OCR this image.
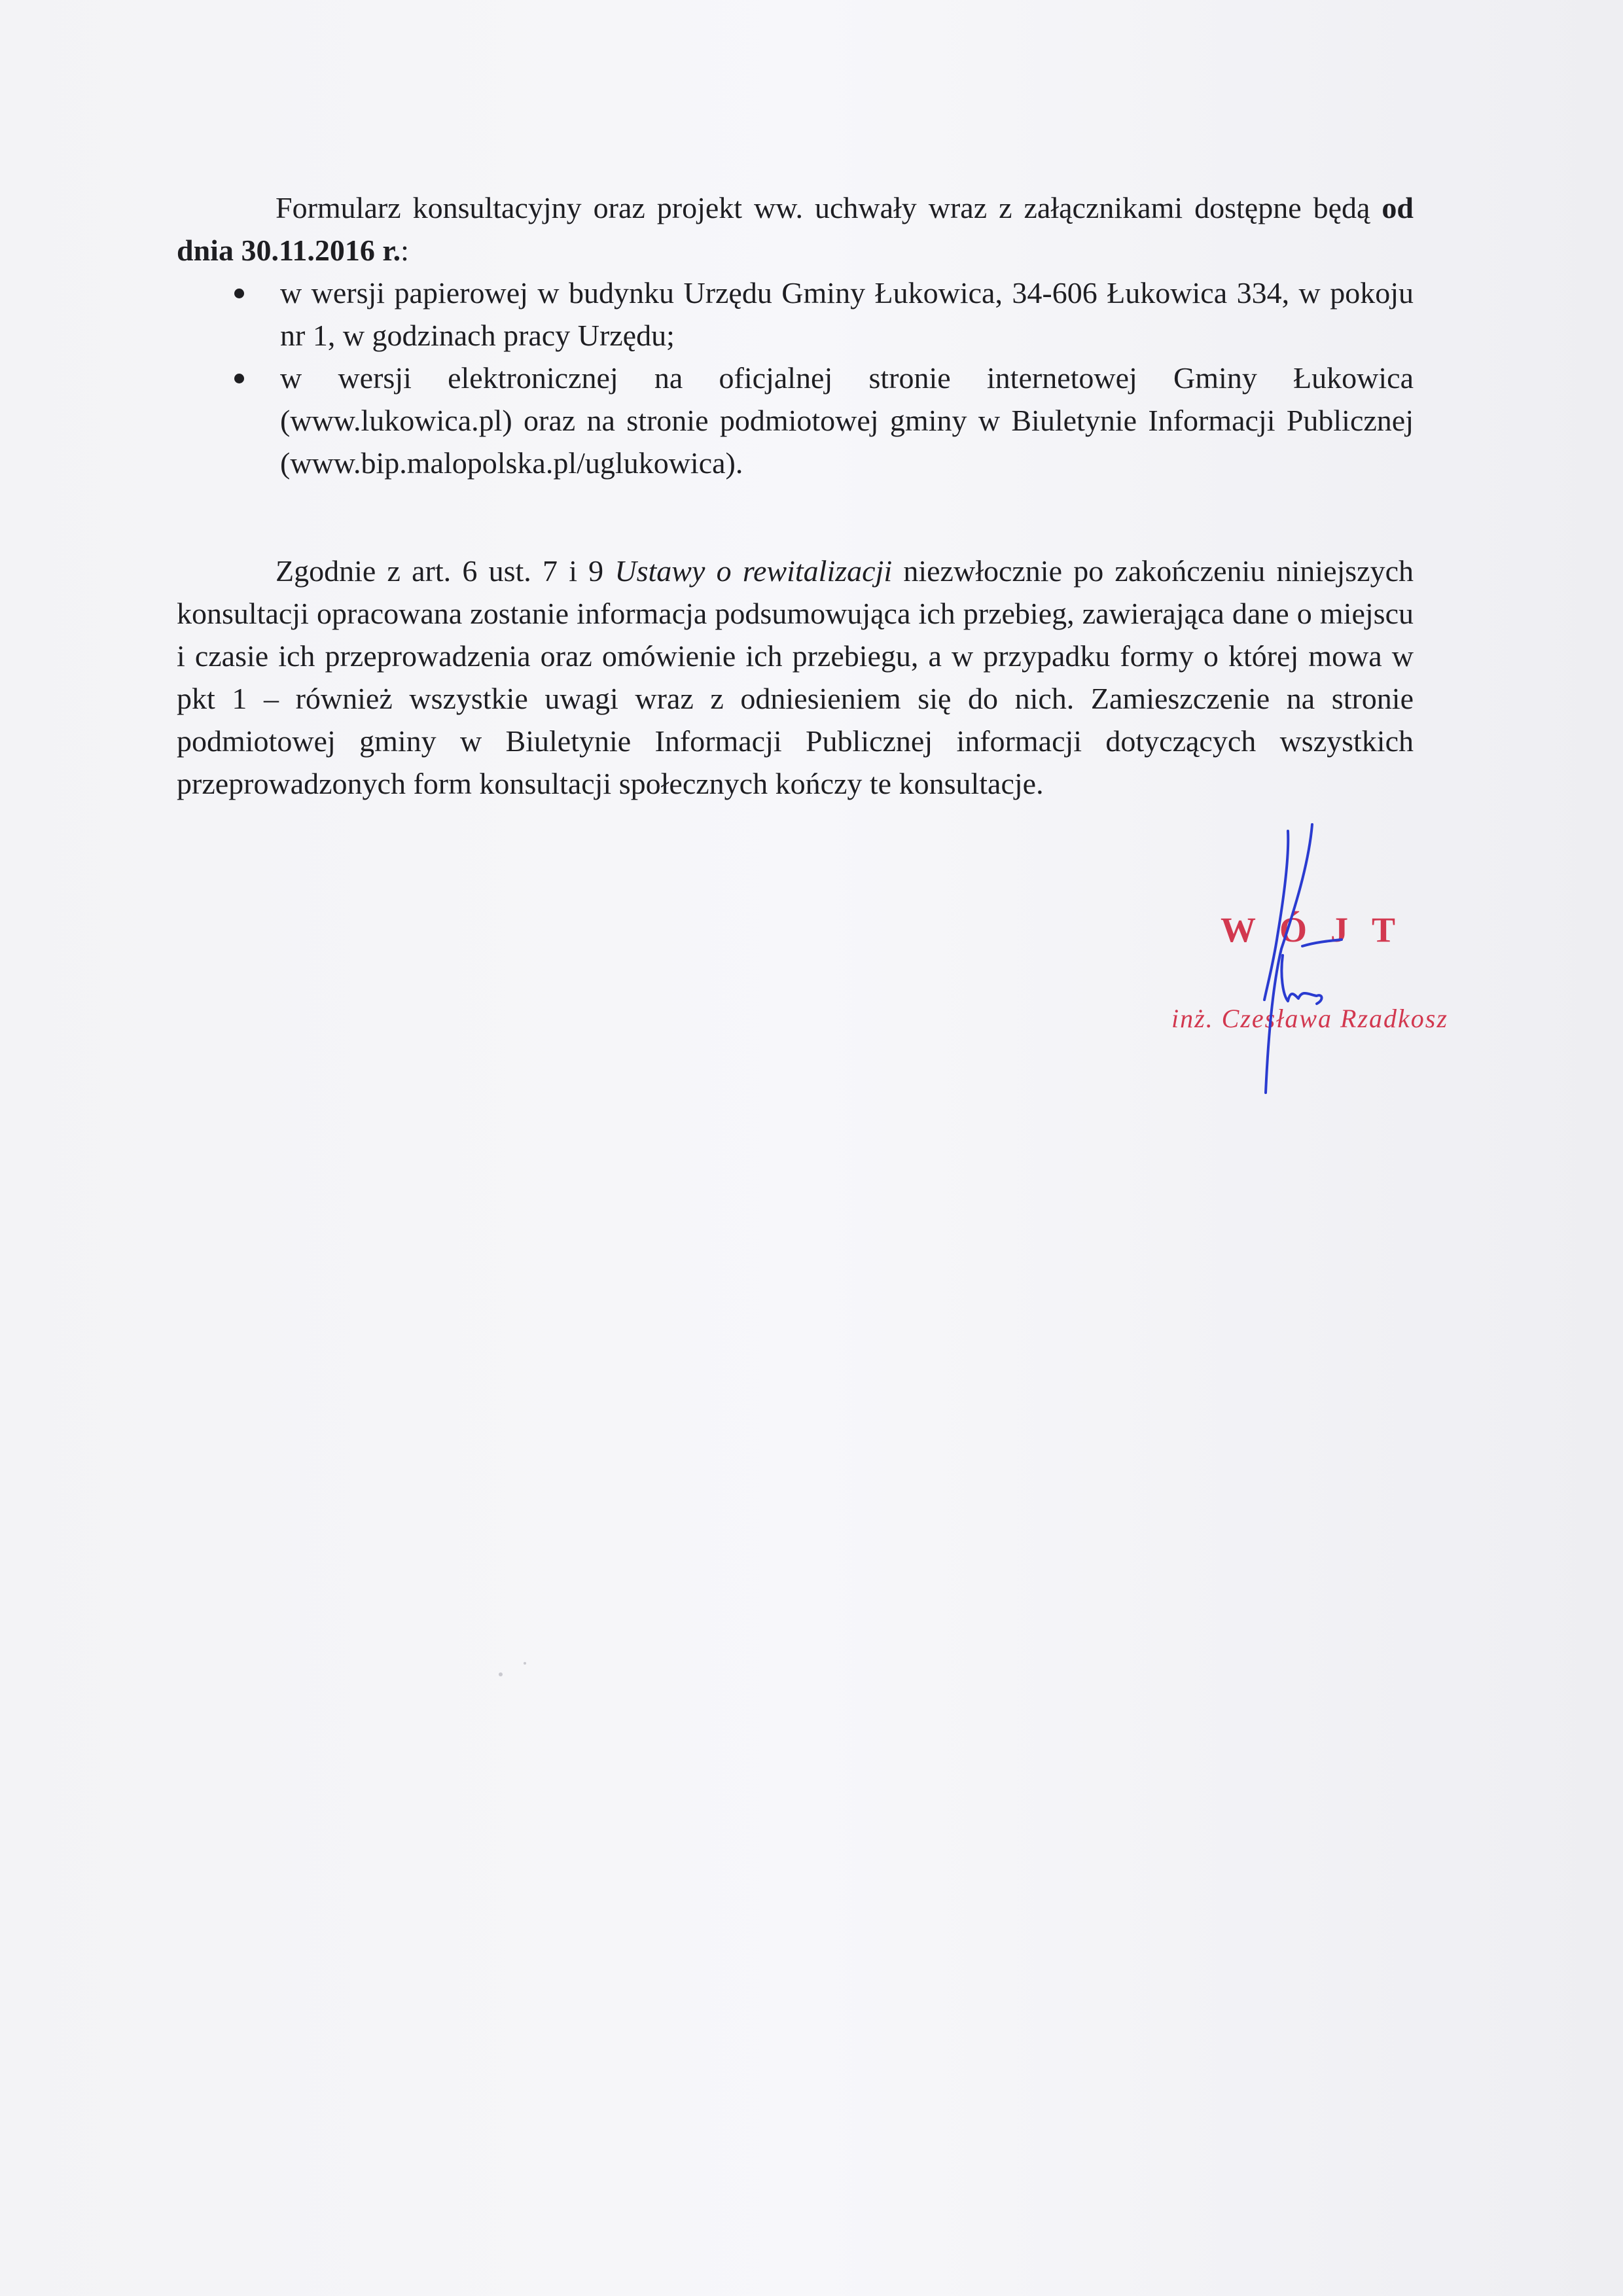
Formularz konsultacyjny oraz projekt ww. uchwały wraz z załącznikami dostępne będą od dnia 30.11.2016 r.:

w wersji papierowej w budynku Urzędu Gminy Łukowica, 34-606 Łukowica 334, w pokoju nr 1, w godzinach pracy Urzędu;
w wersji elektronicznej na oficjalnej stronie internetowej Gminy Łukowica (www.lukowica.pl) oraz na stronie podmiotowej gminy w Biuletynie Informacji Publicznej (www.bip.malopolska.pl/uglukowica).

Zgodnie z art. 6 ust. 7 i 9 Ustawy o rewitalizacji niezwłocznie po zakończeniu niniejszych konsultacji opracowana zostanie informacja podsumowująca ich przebieg, zawierająca dane o miejscu i czasie ich przeprowadzenia oraz omówienie ich przebiegu, a w przypadku formy o której mowa w pkt 1 – również wszystkie uwagi wraz z odniesieniem się do nich. Zamieszczenie na stronie podmiotowej gminy w Biuletynie Informacji Publicznej informacji dotyczących wszystkich przeprowadzonych form konsultacji społecznych kończy te konsultacje.

WÓJT
inż. Czesława Rzadkosz
